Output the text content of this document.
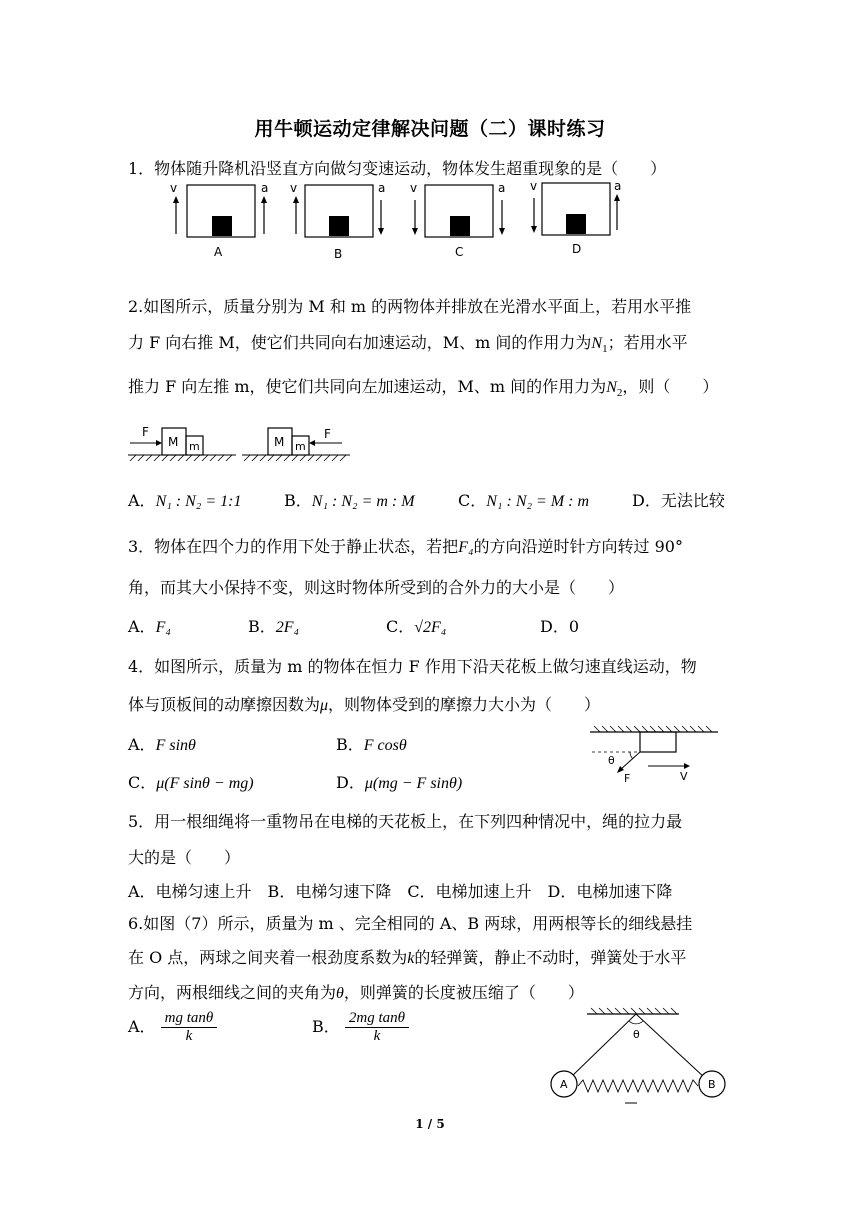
用牛顿运动定律解决问题（二）课时练习
1．物体随升降机沿竖直方向做匀变速运动，物体发生超重现象的是（　　）
v	a
A
v	a
B
v	a
C
v	a
D
2.如图所示，质量分别为 M 和 m 的两物体并排放在光滑水平面上，若用水平推
力 F 向右推 M，使它们共同向右加速运动，M、m 间的作用力为$N_1$；若用水平
推力 F 向左推 m，使它们共同向左加速运动，M、m 间的作用力为$N_2$，则（　　）
F
M m	M m
F
A．N₁ : N₂ = 1:1	B．N₁ : N₂ = m : M	C．N₁ : N₂ = M : m	D．无法比较
3．物体在四个力的作用下处于静止状态，若把F₄的方向沿逆时针方向转过 90°
角，而其大小保持不变，则这时物体所受到的合外力的大小是（　　）
A．F₄	B．2F₄	C．√2F₄	D．0
4．如图所示，质量为 m 的物体在恒力 F 作用下沿天花板上做匀速直线运动，物
体与顶板间的动摩擦因数为μ，则物体受到的摩擦力大小为（　　）
A．F sinθ	B．F cosθ
C．μ(F sinθ − mg)	D．μ(mg − F sinθ)
θ
F	V
5．用一根细绳将一重物吊在电梯的天花板上，在下列四种情况中，绳的拉力最
大的是（　　）
A．电梯匀速上升　B．电梯匀速下降　C．电梯加速上升　D．电梯加速下降
6.如图（7）所示，质量为 m 、完全相同的 A、B 两球，用两根等长的细线悬挂
在 O 点，两球之间夹着一根劲度系数为k的轻弹簧，静止不动时，弹簧处于水平
方向，两根细线之间的夹角为θ，则弹簧的长度被压缩了（　　）
A． $\frac{\text{mg tanθ}}{k}$	B． $\frac{\text{2mg tanθ}}{k}$	θ
A	B
1 / 5
